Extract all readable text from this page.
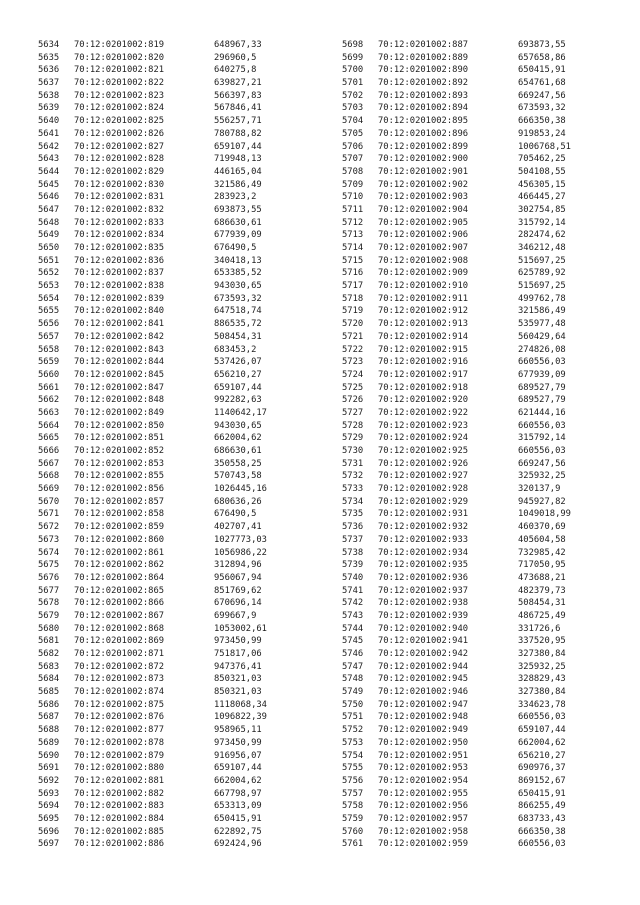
5634 70:12:0201002:819	648967,33
5635 70:12:0201002:820	296960,5
5636 70:12:0201002:821	640275,8
5637 70:12:0201002:822	639827,21
5638 70:12:0201002:823	566397,83
5639 70:12:0201002:824	567846,41
5640 70:12:0201002:825	556257,71
5641 70:12:0201002:826	780788,82
5642 70:12:0201002:827	659107,44
5643 70:12:0201002:828	719948,13
5644 70:12:0201002:829	446165,04
5645 70:12:0201002:830	321586,49
5646 70:12:0201002:831	283923,2
5647 70:12:0201002:832	693873,55
5648 70:12:0201002:833	686630,61
5649 70:12:0201002:834	677939,09
5650 70:12:0201002:835	676490,5
5651 70:12:0201002:836	340418,13
5652 70:12:0201002:837	653385,52
5653 70:12:0201002:838	943030,65
5654 70:12:0201002:839	673593,32
5655 70:12:0201002:840	647518,74
5656 70:12:0201002:841	886535,72
5657 70:12:0201002:842	508454,31
5658 70:12:0201002:843	683453,2
5659 70:12:0201002:844	537426,07
5660 70:12:0201002:845	656210,27
5661 70:12:0201002:847	659107,44
5662 70:12:0201002:848	992282,63
5663 70:12:0201002:849	1140642,17
5664 70:12:0201002:850	943030,65
5665 70:12:0201002:851	662004,62
5666 70:12:0201002:852	686630,61
5667 70:12:0201002:853	350558,25
5668 70:12:0201002:855	570743,58
5669 70:12:0201002:856	1026445,16
5670 70:12:0201002:857	680636,26
5671 70:12:0201002:858	676490,5
5672 70:12:0201002:859	402707,41
5673 70:12:0201002:860	1027773,03
5674 70:12:0201002:861	1056986,22
5675 70:12:0201002:862	312894,96
5676 70:12:0201002:864	956067,94
5677 70:12:0201002:865	851769,62
5678 70:12:0201002:866	670696,14
5679 70:12:0201002:867	699667,9
5680 70:12:0201002:868	1053002,61
5681 70:12:0201002:869	973450,99
5682 70:12:0201002:871	751817,06
5683 70:12:0201002:872	947376,41
5684 70:12:0201002:873	850321,03
5685 70:12:0201002:874	850321,03
5686 70:12:0201002:875	1118068,34
5687 70:12:0201002:876	1096822,39
5688 70:12:0201002:877	958965,11
5689 70:12:0201002:878	973450,99
5690 70:12:0201002:879	916956,07
5691 70:12:0201002:880	659107,44
5692 70:12:0201002:881	662004,62
5693 70:12:0201002:882	667798,97
5694 70:12:0201002:883	653313,09
5695 70:12:0201002:884	650415,91
5696 70:12:0201002:885	622892,75
5697 70:12:0201002:886	692424,96
5698 70:12:0201002:887	693873,55
5699 70:12:0201002:889	657658,86
5700 70:12:0201002:890	650415,91
5701 70:12:0201002:892	654761,68
5702 70:12:0201002:893	669247,56
5703 70:12:0201002:894	673593,32
5704 70:12:0201002:895	666350,38
5705 70:12:0201002:896	919853,24
5706 70:12:0201002:899	1006768,51
5707 70:12:0201002:900	705462,25
5708 70:12:0201002:901	504108,55
5709 70:12:0201002:902	456305,15
5710 70:12:0201002:903	466445,27
5711 70:12:0201002:904	302754,85
5712 70:12:0201002:905	315792,14
5713 70:12:0201002:906	282474,62
5714 70:12:0201002:907	346212,48
5715 70:12:0201002:908	515697,25
5716 70:12:0201002:909	625789,92
5717 70:12:0201002:910	515697,25
5718 70:12:0201002:911	499762,78
5719 70:12:0201002:912	321586,49
5720 70:12:0201002:913	535977,48
5721 70:12:0201002:914	560429,64
5722 70:12:0201002:915	274826,08
5723 70:12:0201002:916	660556,03
5724 70:12:0201002:917	677939,09
5725 70:12:0201002:918	689527,79
5726 70:12:0201002:920	689527,79
5727 70:12:0201002:922	621444,16
5728 70:12:0201002:923	660556,03
5729 70:12:0201002:924	315792,14
5730 70:12:0201002:925	660556,03
5731 70:12:0201002:926	669247,56
5732 70:12:0201002:927	325932,25
5733 70:12:0201002:928	320137,9
5734 70:12:0201002:929	945927,82
5735 70:12:0201002:931	1049018,99
5736 70:12:0201002:932	460370,69
5737 70:12:0201002:933	405604,58
5738 70:12:0201002:934	732985,42
5739 70:12:0201002:935	717050,95
5740 70:12:0201002:936	473688,21
5741 70:12:0201002:937	482379,73
5742 70:12:0201002:938	508454,31
5743 70:12:0201002:939	486725,49
5744 70:12:0201002:940	331726,6
5745 70:12:0201002:941	337520,95
5746 70:12:0201002:942	327380,84
5747 70:12:0201002:944	325932,25
5748 70:12:0201002:945	328829,43
5749 70:12:0201002:946	327380,84
5750 70:12:0201002:947	334623,78
5751 70:12:0201002:948	660556,03
5752 70:12:0201002:949	659107,44
5753 70:12:0201002:950	662004,62
5754 70:12:0201002:951	656210,27
5755 70:12:0201002:953	690976,37
5756 70:12:0201002:954	869152,67
5757 70:12:0201002:955	650415,91
5758 70:12:0201002:956	866255,49
5759 70:12:0201002:957	683733,43
5760 70:12:0201002:958	666350,38
5761 70:12:0201002:959	660556,03
